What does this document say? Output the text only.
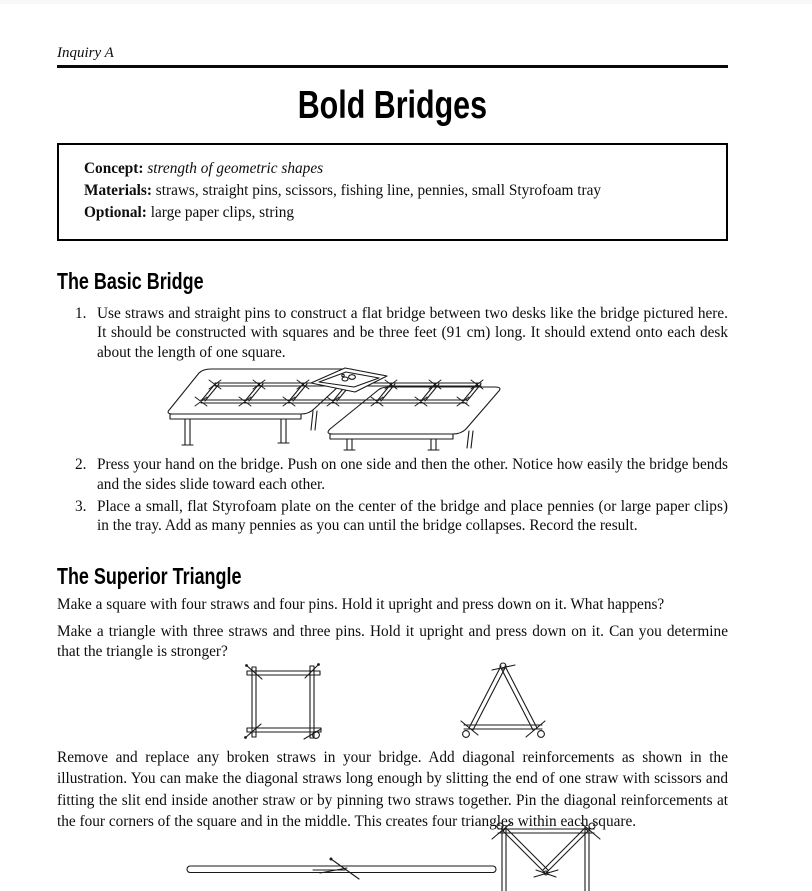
Inquiry A
Bold Bridges
Concept: strength of geometric shapes
Materials: straws, straight pins, scissors, fishing line, pennies, small Styrofoam tray
Optional: large paper clips, string
The Basic Bridge
1. Use straws and straight pins to construct a flat bridge between two desks like the bridge pictured here. It should be constructed with squares and be three feet (91 cm) long. It should extend onto each desk about the length of one square.
2. Press your hand on the bridge. Push on one side and then the other. Notice how easily the bridge bends and the sides slide toward each other.
3. Place a small, flat Styrofoam plate on the center of the bridge and place pennies (or large paper clips) in the tray. Add as many pennies as you can until the bridge collapses. Record the result.
The Superior Triangle
Make a square with four straws and four pins. Hold it upright and press down on it. What happens?
Make a triangle with three straws and three pins. Hold it upright and press down on it. Can you determine that the triangle is stronger?
Remove and replace any broken straws in your bridge. Add diagonal reinforcements as shown in the illustration. You can make the diagonal straws long enough by slitting the end of one straw with scissors and fitting the slit end inside another straw or by pinning two straws together. Pin the diagonal reinforcements at the four corners of the square and in the middle. This creates four triangles within each square.
